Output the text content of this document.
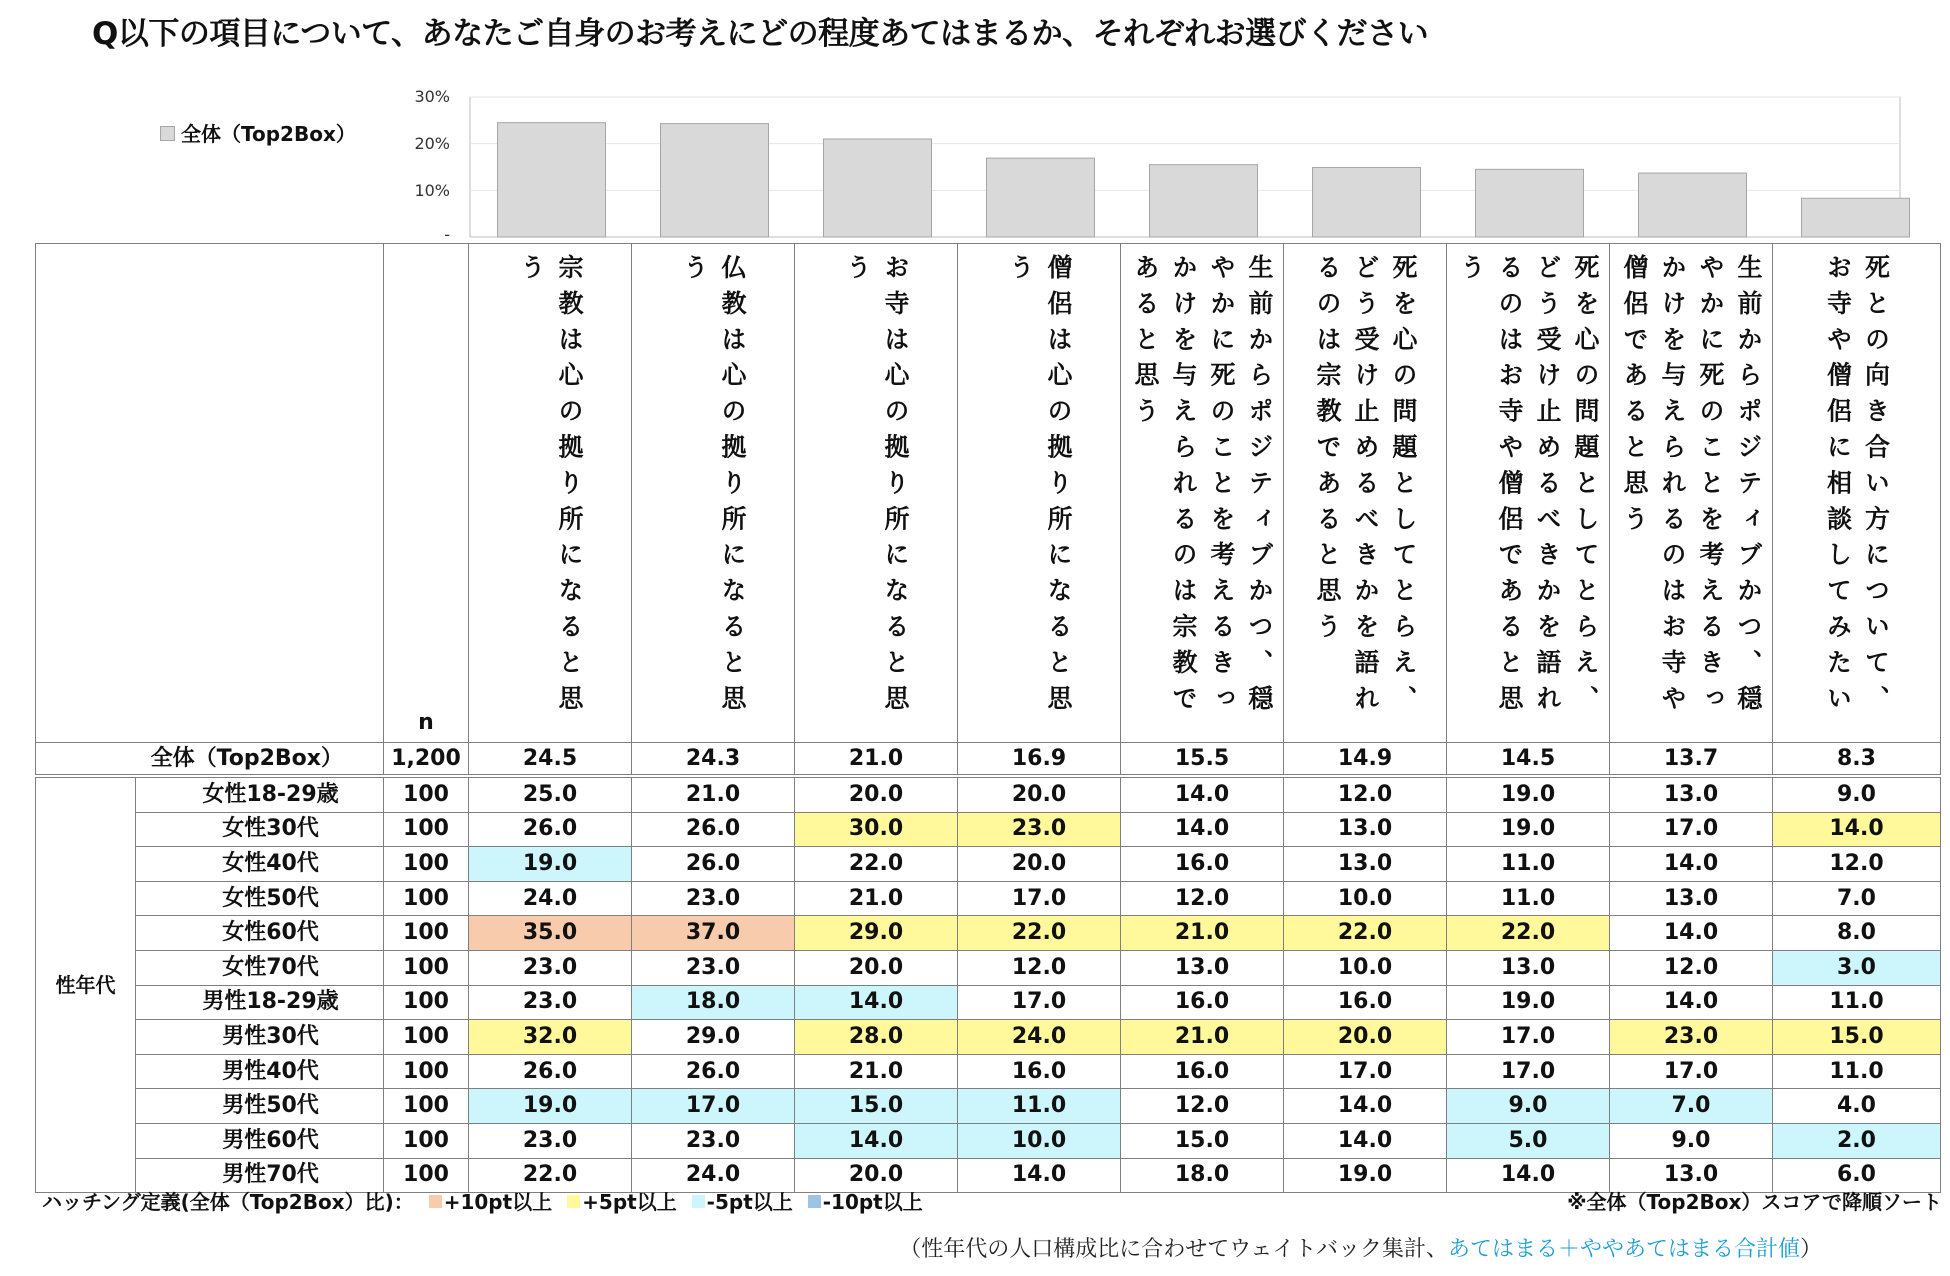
Q以下の項目について、あなたご自身のお考えにどの程度あてはまるか、それぞれお選びください
30%
20%
10%
-
全体（Top2Box）
		n	宗教は心の拠り所になると思う	仏教は心の拠り所になると思う	お寺は心の拠り所になると思う	僧侶は心の拠り所になると思う	生前からポジティブかつ、穏やかに死のことを考えるきっかけを与えられるのは宗教であると思う	死を心の問題としてとらえ、どう受け止めるべきかを語れるのは宗教であると思う	死を心の問題としてとらえ、どう受け止めるべきかを語れるのはお寺や僧侶であると思う	生前からポジティブかつ、穏やかに死のことを考えるきっかけを与えられるのはお寺や僧侶であると思う	死との向き合い方について、お寺や僧侶に相談してみたい

全体（Top2Box）		1,200	24.5	24.3	21.0	16.9	15.5	14.9	14.5	13.7	8.3
性年代	女性18-29歳	100	25.0	21.0	20.0	20.0	14.0	12.0	19.0	13.0	9.0
	女性30代	100	26.0	26.0	30.0	23.0	14.0	13.0	19.0	17.0	14.0
	女性40代	100	19.0	26.0	22.0	20.0	16.0	13.0	11.0	14.0	12.0
	女性50代	100	24.0	23.0	21.0	17.0	12.0	10.0	11.0	13.0	7.0
	女性60代	100	35.0	37.0	29.0	22.0	21.0	22.0	22.0	14.0	8.0
	女性70代	100	23.0	23.0	20.0	12.0	13.0	10.0	13.0	12.0	3.0
	男性18-29歳	100	23.0	18.0	14.0	17.0	16.0	16.0	19.0	14.0	11.0
	男性30代	100	32.0	29.0	28.0	24.0	21.0	20.0	17.0	23.0	15.0
	男性40代	100	26.0	26.0	21.0	16.0	16.0	17.0	17.0	17.0	11.0
	男性50代	100	19.0	17.0	15.0	11.0	12.0	14.0	9.0	7.0	4.0
	男性60代	100	23.0	23.0	14.0	10.0	15.0	14.0	5.0	9.0	2.0
	男性70代	100	22.0	24.0	20.0	14.0	18.0	19.0	14.0	13.0	6.0
ハッチング定義(全体（Top2Box）比)： +10pt以上 +5pt以上 -5pt以上 -10pt以上	※全体（Top2Box）スコアで降順ソート
（性年代の人口構成比に合わせてウェイトバック集計、あてはまる＋ややあてはまる合計値）
